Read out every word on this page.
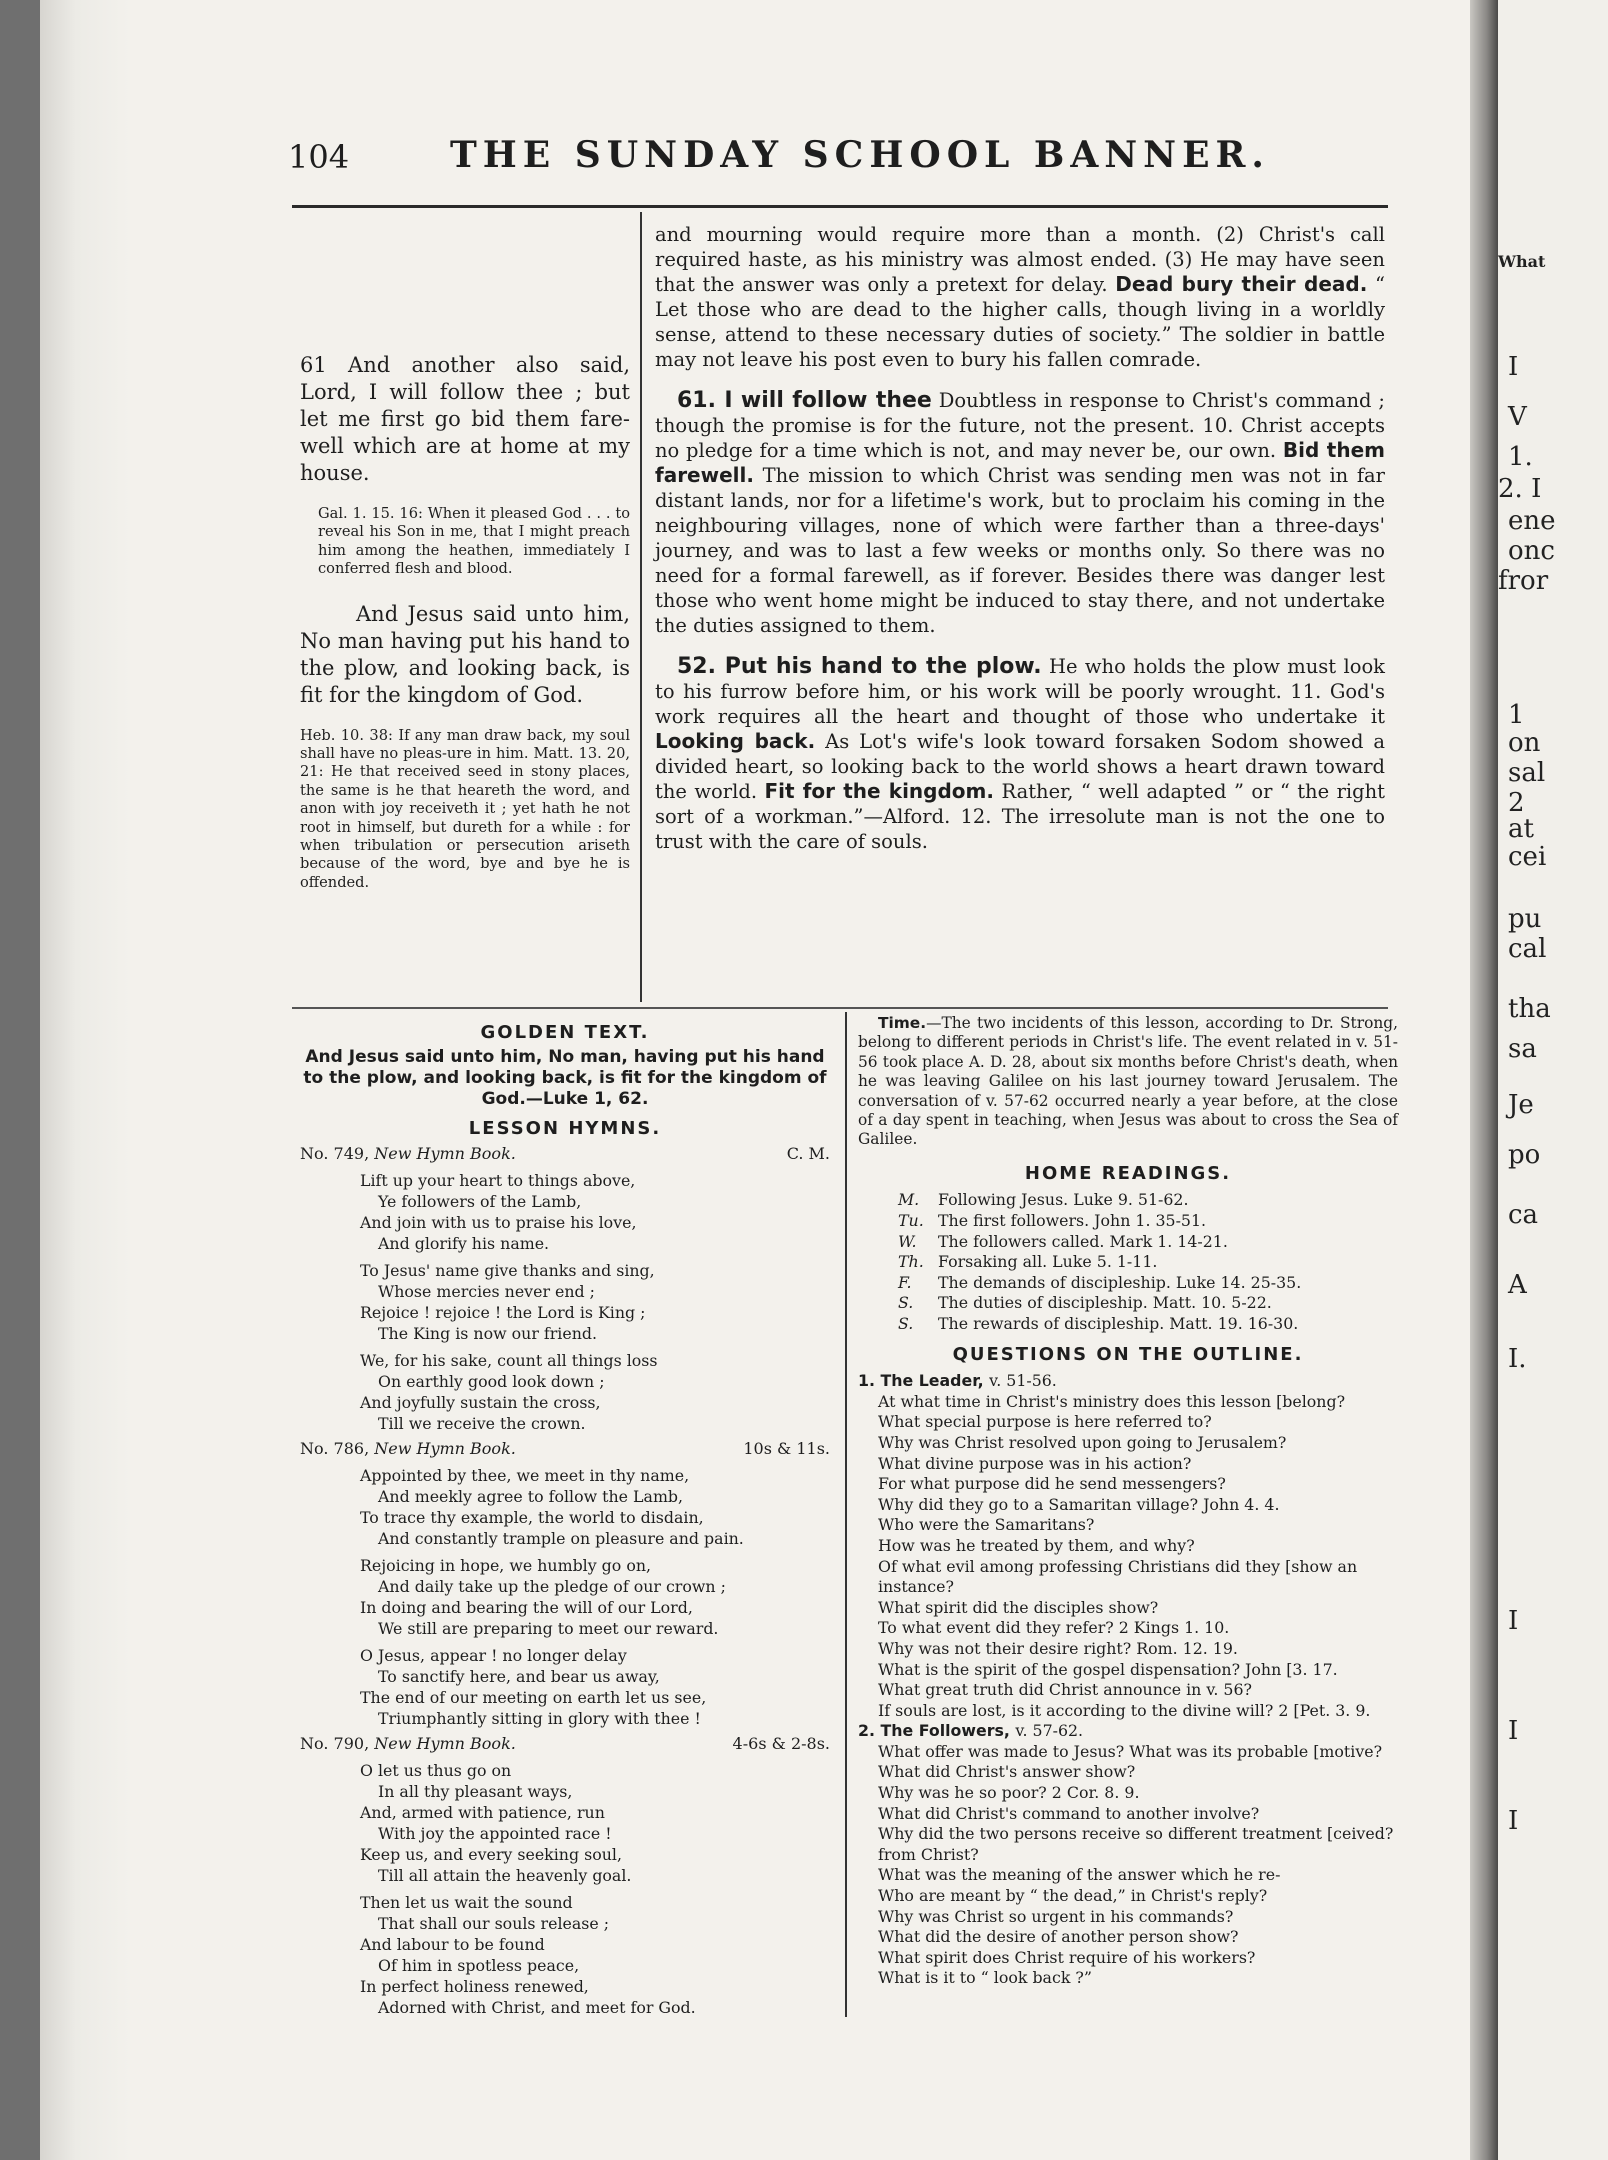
What
I
V
1.
2. I
ene
onc
fror
1
on
sal
2
at
cei
pu
cal
tha
sa
Je
po
ca
A
I.
I
I
I
104	THE SUNDAY SCHOOL BANNER.
61 And another also said, Lord, I will follow thee ; but let me first go bid them fare-well which are at home at my house.
Gal. 1. 15. 16: When it pleased God . . . to reveal his Son in me, that I might preach him among the heathen, immediately I conferred flesh and blood.
And Jesus said unto him, No man having put his hand to the plow, and looking back, is fit for the kingdom of God.
Heb. 10. 38: If any man draw back, my soul shall have no pleas-ure in him. Matt. 13. 20, 21: He that received seed in stony places, the same is he that heareth the word, and anon with joy receiveth it ; yet hath he not root in himself, but dureth for a while : for when tribulation or persecution ariseth because of the word, bye and bye he is offended.

and mourning would require more than a month. (2) Christ's call required haste, as his ministry was almost ended. (3) He may have seen that the answer was only a pretext for delay. Dead bury their dead. “ Let those who are dead to the higher calls, though living in a worldly sense, attend to these necessary duties of society.” The soldier in battle may not leave his post even to bury his fallen comrade.

61. I will follow thee Doubtless in response to Christ's command ; though the promise is for the future, not the present. 10. Christ accepts no pledge for a time which is not, and may never be, our own. Bid them farewell. The mission to which Christ was sending men was not in far distant lands, nor for a lifetime's work, but to proclaim his coming in the neighbouring villages, none of which were farther than a three-days' journey, and was to last a few weeks or months only. So there was no need for a formal farewell, as if forever. Besides there was danger lest those who went home might be induced to stay there, and not undertake the duties assigned to them.

52. Put his hand to the plow. He who holds the plow must look to his furrow before him, or his work will be poorly wrought. 11. God's work requires all the heart and thought of those who undertake it Looking back. As Lot's wife's look toward forsaken Sodom showed a divided heart, so looking back to the world shows a heart drawn toward the world. Fit for the kingdom. Rather, “ well adapted ” or “ the right sort of a workman.”—Alford. 12. The irresolute man is not the one to trust with the care of souls.

GOLDEN TEXT.

And Jesus said unto him, No man, having put his hand to the plow, and looking back, is fit for the kingdom of God.—Luke 1, 62.

LESSON HYMNS.

No. 749, New Hymn Book.	C. M.
Lift up your heart to things above,
Ye followers of the Lamb,
And join with us to praise his love,
And glorify his name.
To Jesus' name give thanks and sing,
Whose mercies never end ;
Rejoice ! rejoice ! the Lord is King ;
The King is now our friend.
We, for his sake, count all things loss
On earthly good look down ;
And joyfully sustain the cross,
Till we receive the crown.
No. 786, New Hymn Book.	10s & 11s.
Appointed by thee, we meet in thy name,
And meekly agree to follow the Lamb,
To trace thy example, the world to disdain,
And constantly trample on pleasure and pain.
Rejoicing in hope, we humbly go on,
And daily take up the pledge of our crown ;
In doing and bearing the will of our Lord,
We still are preparing to meet our reward.
O Jesus, appear ! no longer delay
To sanctify here, and bear us away,
The end of our meeting on earth let us see,
Triumphantly sitting in glory with thee !
No. 790, New Hymn Book.	4-6s & 2-8s.
O let us thus go on
In all thy pleasant ways,
And, armed with patience, run
With joy the appointed race !
Keep us, and every seeking soul,
Till all attain the heavenly goal.
Then let us wait the sound
That shall our souls release ;
And labour to be found
Of him in spotless peace,
In perfect holiness renewed,
Adorned with Christ, and meet for God.
Time.—The two incidents of this lesson, according to Dr. Strong, belong to different periods in Christ's life. The event related in v. 51-56 took place A. D. 28, about six months before Christ's death, when he was leaving Galilee on his last journey toward Jerusalem. The conversation of v. 57-62 occurred nearly a year before, at the close of a day spent in teaching, when Jesus was about to cross the Sea of Galilee.

HOME READINGS.

M.	Following Jesus. Luke 9. 51-62.
Tu. The first followers. John 1. 35-51.
W.	The followers called. Mark 1. 14-21.
Th. Forsaking all. Luke 5. 1-11.
F.	The demands of discipleship. Luke 14. 25-35.
S.	The duties of discipleship. Matt. 10. 5-22.
S.	The rewards of discipleship. Matt. 19. 16-30.

QUESTIONS ON THE OUTLINE.

1. The Leader, v. 51-56.
At what time in Christ's ministry does this lesson [belong?
What special purpose is here referred to?
Why was Christ resolved upon going to Jerusalem?
What divine purpose was in his action?
For what purpose did he send messengers?
Why did they go to a Samaritan village? John 4. 4.
Who were the Samaritans?
How was he treated by them, and why?
Of what evil among professing Christians did they [show an instance?
What spirit did the disciples show?
To what event did they refer? 2 Kings 1. 10.
Why was not their desire right? Rom. 12. 19.
What is the spirit of the gospel dispensation? John [3. 17.
What great truth did Christ announce in v. 56?
If souls are lost, is it according to the divine will? 2 [Pet. 3. 9.
2. The Followers, v. 57-62.
What offer was made to Jesus? What was its probable [motive?
What did Christ's answer show?
Why was he so poor? 2 Cor. 8. 9.
What did Christ's command to another involve?
Why did the two persons receive so different treatment [ceived?
from Christ?
What was the meaning of the answer which he re-
Who are meant by “ the dead,” in Christ's reply?
Why was Christ so urgent in his commands?
What did the desire of another person show?
What spirit does Christ require of his workers?
What is it to “ look back ?”
